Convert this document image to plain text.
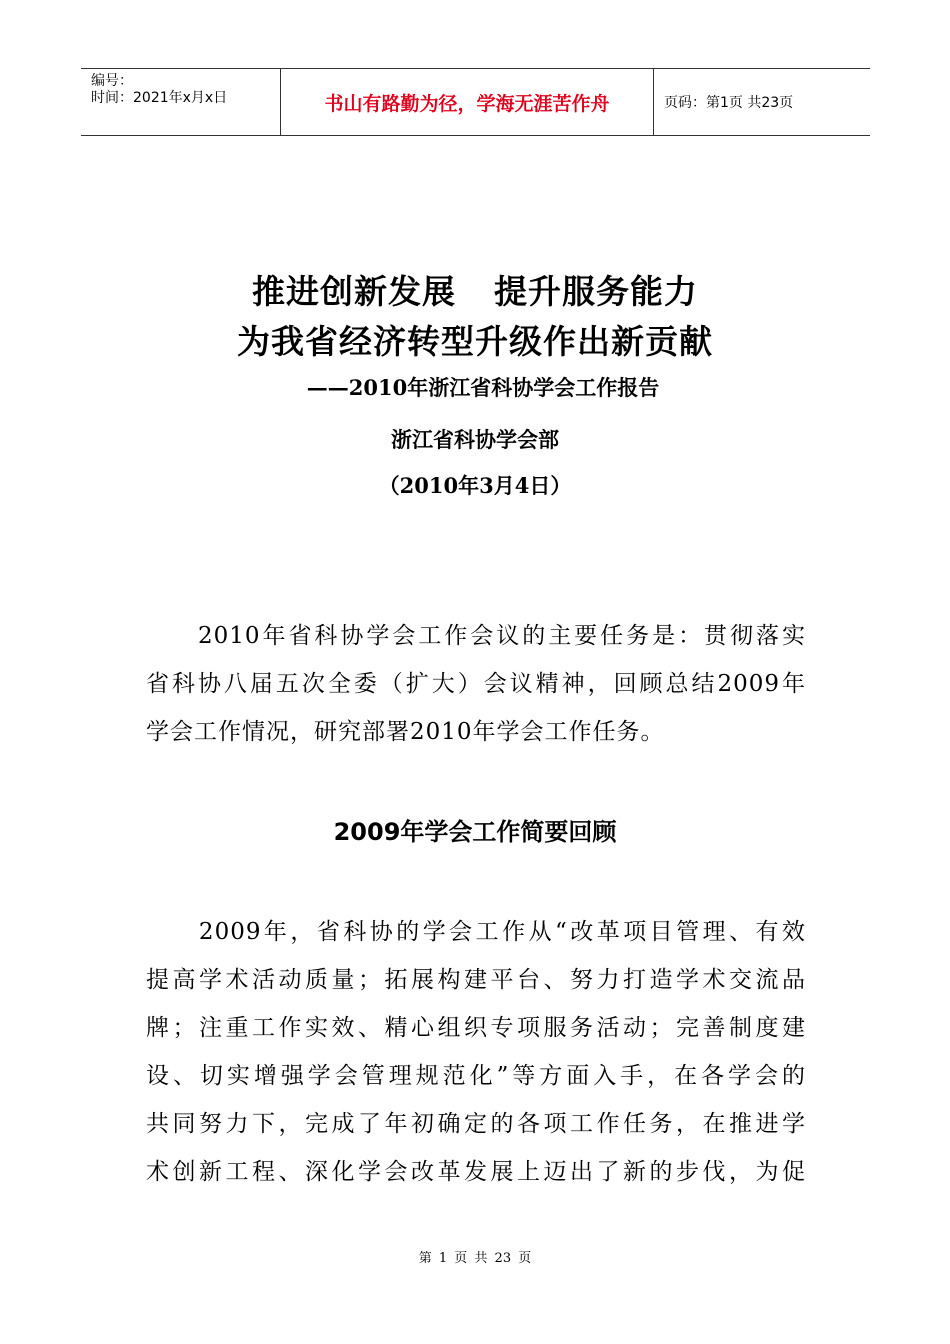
编号：
时间：2021年x月x日	书山有路勤为径，学海无涯苦作舟	页码：第1页 共23页
推进创新发展 提升服务能力
为我省经济转型升级作出新贡献
——2010年浙江省科协学会工作报告
浙江省科协学会部
（2010年3月4日）
　　2010年省科协学会工作会议的主要任务是：贯彻落实
省科协八届五次全委（扩大）会议精神，回顾总结2009年
学会工作情况，研究部署2010年学会工作任务。
2009年学会工作简要回顾
　　2009年，省科协的学会工作从“改革项目管理、有效
提高学术活动质量；拓展构建平台、努力打造学术交流品
牌；注重工作实效、精心组织专项服务活动；完善制度建
设、切实增强学会管理规范化”等方面入手，在各学会的
共同努力下，完成了年初确定的各项工作任务，在推进学
术创新工程、深化学会改革发展上迈出了新的步伐，为促
第 1 页 共 23 页
